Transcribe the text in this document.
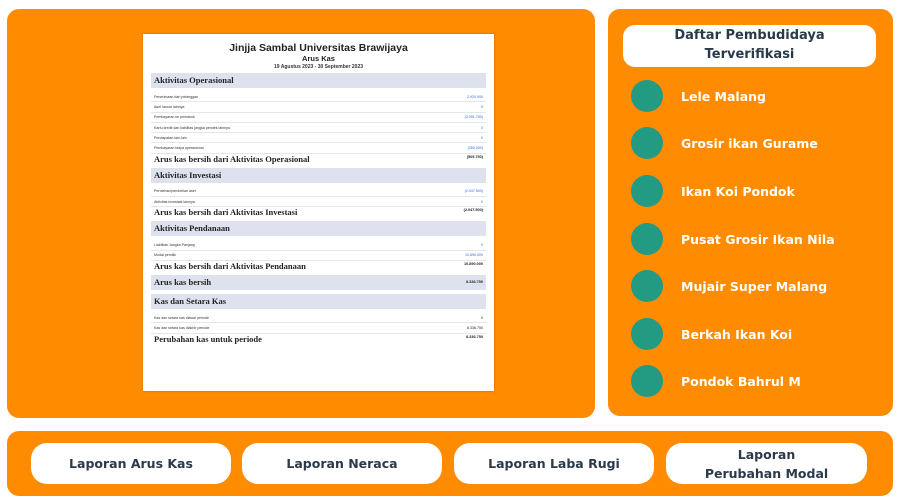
Jinjja Sambal Universitas Brawijaya
Arus Kas
19 Agustus 2023 - 30 September 2023
Aktivitas Operasional
Penerimaan dari pelanggan	2.920.000
Aset lancar lainnya	0
Pembayaran ke pemasok	(3.091.750)
Kartu kredit dan liabilitas jangka pendek lainnya	0
Pendapatan lain-lain	0
Pembayaran biaya operasional	(350.000)
Arus kas bersih dari Aktivitas Operasional	(505.750)
Aktivitas Investasi
Perolehan/pembelian aset	(2.047.500)
Aktivitas investasi lainnya	0
Arus kas bersih dari Aktivitas Investasi	(2.047.500)
Aktivitas Pendanaan
Liabilitas Jangka Panjang	0
Modal pemilik	10.890.000
Arus kas bersih dari Aktivitas Pendanaan	10.890.000
Arus kas bersih	8.336.750
Kas dan Setara Kas
Kas dan setara kas diawal periode	0
Kas dan setara kas diakhir periode	8.336.750
Perubahan kas untuk periode	8.336.750
Daftar Pembudidaya
Terverifikasi
Lele Malang
Grosir ikan Gurame
Ikan Koi Pondok
Pusat Grosir Ikan Nila
Mujair Super Malang
Berkah Ikan Koi
Pondok Bahrul M
Laporan Arus Kas	Laporan Neraca	Laporan Laba Rugi
Laporan
Perubahan Modal
